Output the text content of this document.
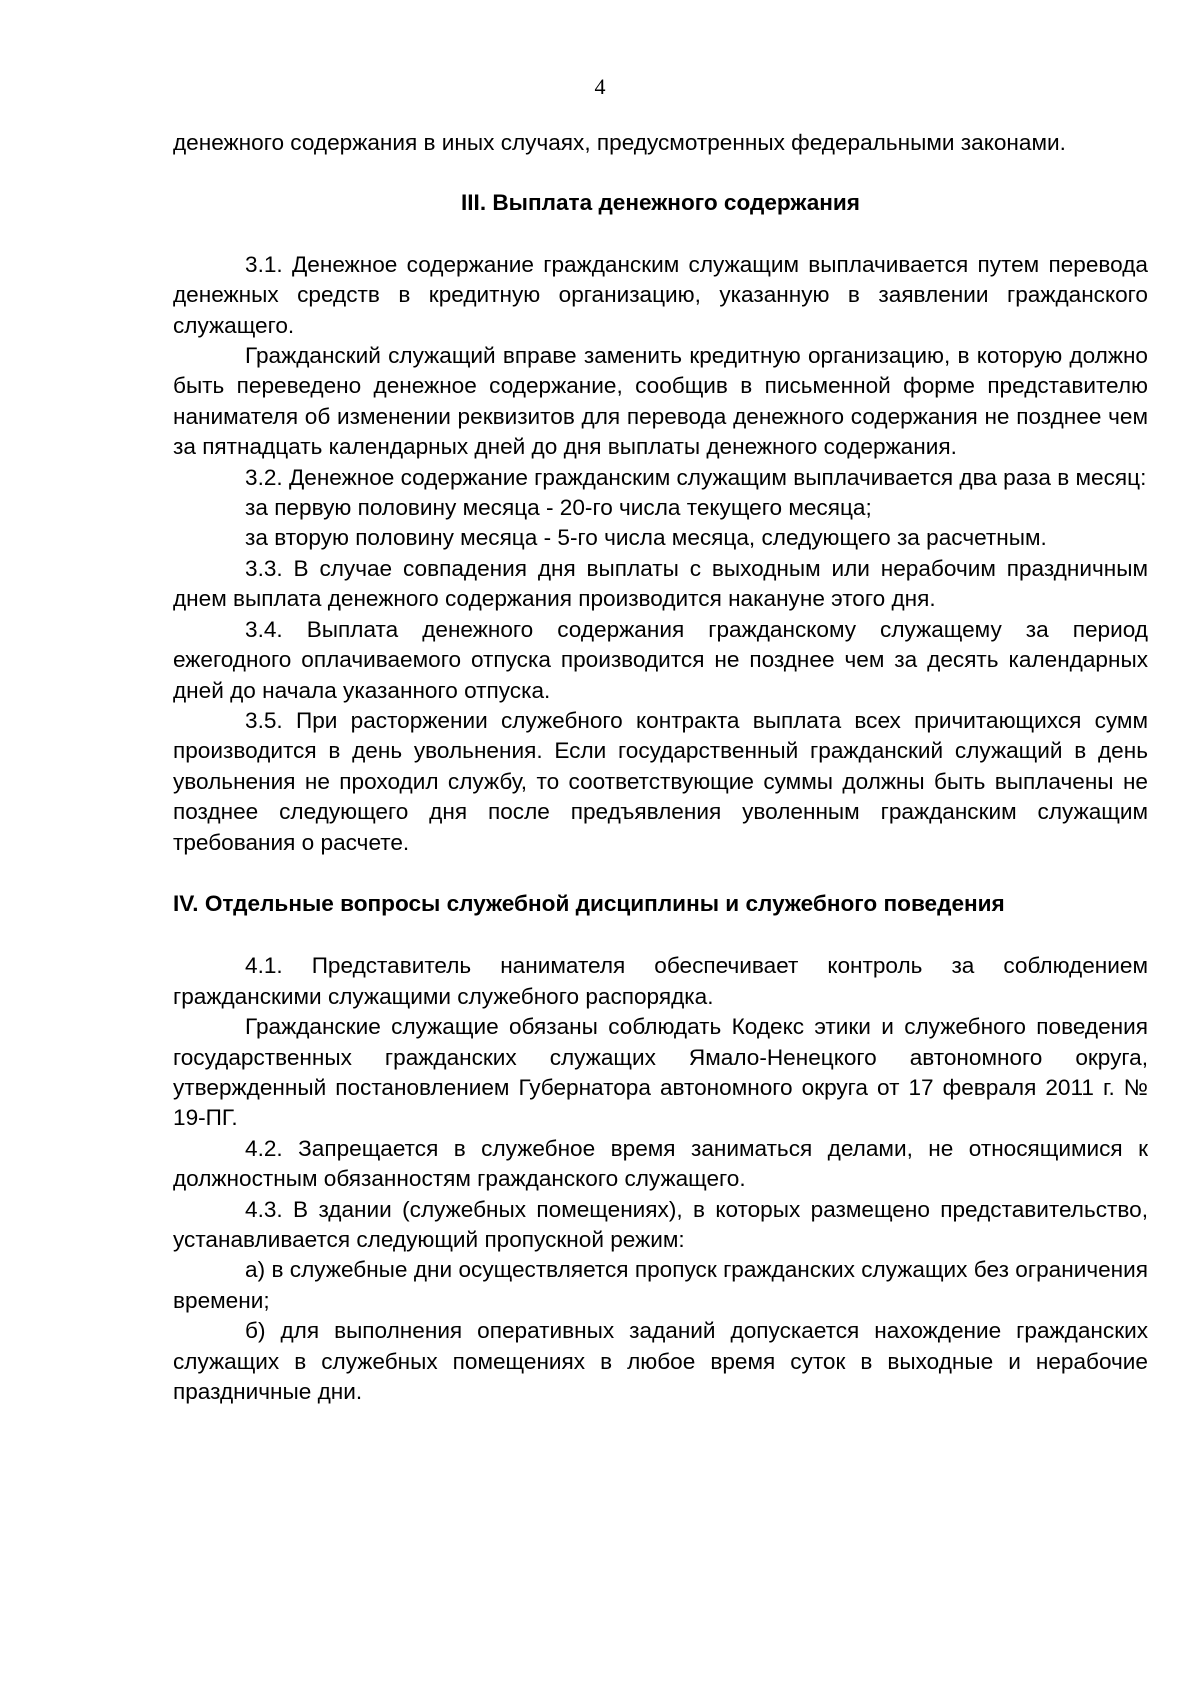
4

денежного содержания в иных случаях, предусмотренных федеральными законами.

III. Выплата денежного содержания

3.1. Денежное содержание гражданским служащим выплачивается путем перевода денежных средств в кредитную организацию, указанную в заявлении гражданского служащего.

Гражданский служащий вправе заменить кредитную организацию, в которую должно быть переведено денежное содержание, сообщив в письменной форме представителю нанимателя об изменении реквизитов для перевода денежного содержания не позднее чем за пятнадцать календарных дней до дня выплаты денежного содержания.

3.2. Денежное содержание гражданским служащим выплачивается два раза в месяц:

за первую половину месяца - 20-го числа текущего месяца;

за вторую половину месяца - 5-го числа месяца, следующего за расчетным.

3.3. В случае совпадения дня выплаты с выходным или нерабочим праздничным днем выплата денежного содержания производится накануне этого дня.

3.4. Выплата денежного содержания гражданскому служащему за период ежегодного оплачиваемого отпуска производится не позднее чем за десять календарных дней до начала указанного отпуска.

3.5. При расторжении служебного контракта выплата всех причитающихся сумм производится в день увольнения. Если государственный гражданский служащий в день увольнения не проходил службу, то соответствующие суммы должны быть выплачены не позднее следующего дня после предъявления уволенным гражданским служащим требования о расчете.

IV. Отдельные вопросы служебной дисциплины и служебного поведения

4.1. Представитель нанимателя обеспечивает контроль за соблюдением гражданскими служащими служебного распорядка.

Гражданские служащие обязаны соблюдать Кодекс этики и служебного поведения государственных гражданских служащих Ямало-Ненецкого автономного округа, утвержденный постановлением Губернатора автономного округа от 17 февраля 2011 г. № 19-ПГ.

4.2. Запрещается в служебное время заниматься делами, не относящимися к должностным обязанностям гражданского служащего.

4.3. В здании (служебных помещениях), в которых размещено представительство, устанавливается следующий пропускной режим:

а) в служебные дни осуществляется пропуск гражданских служащих без ограничения времени;

б) для выполнения оперативных заданий допускается нахождение гражданских служащих в служебных помещениях в любое время суток в выходные и нерабочие праздничные дни.
